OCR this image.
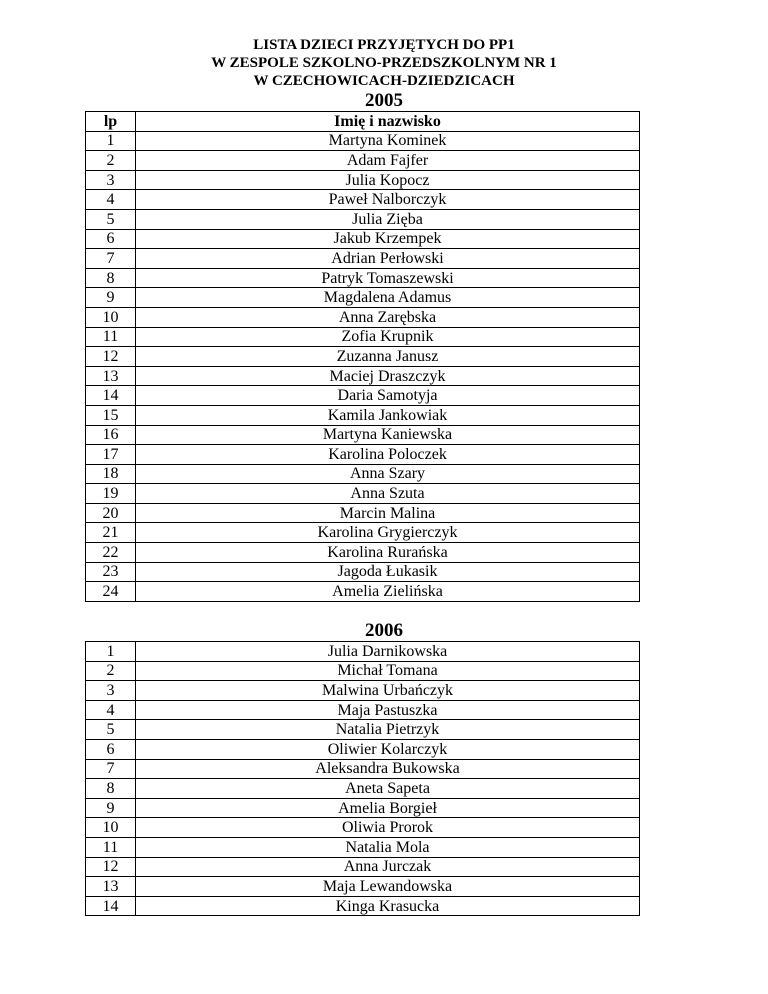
LISTA DZIECI PRZYJĘTYCH DO PP1
W ZESPOLE SZKOLNO-PRZEDSZKOLNYM NR 1
W CZECHOWICACH-DZIEDZICACH
2005
lp	Imię i nazwisko
1	Martyna Kominek
2	Adam Fajfer
3	Julia Kopocz
4	Paweł Nalborczyk
5	Julia Zięba
6	Jakub Krzempek
7	Adrian Perłowski
8	Patryk Tomaszewski
9	Magdalena Adamus
10	Anna Zarębska
11	Zofia Krupnik
12	Zuzanna Janusz
13	Maciej Draszczyk
14	Daria Samotyja
15	Kamila Jankowiak
16	Martyna Kaniewska
17	Karolina Poloczek
18	Anna Szary
19	Anna Szuta
20	Marcin Malina
21	Karolina Grygierczyk
22	Karolina Rurańska
23	Jagoda Łukasik
24	Amelia Zielińska
2006
1	Julia Darnikowska
2	Michał Tomana
3	Malwina Urbańczyk
4	Maja Pastuszka
5	Natalia Pietrzyk
6	Oliwier Kolarczyk
7	Aleksandra Bukowska
8	Aneta Sapeta
9	Amelia Borgieł
10	Oliwia Prorok
11	Natalia Mola
12	Anna Jurczak
13	Maja Lewandowska
14	Kinga Krasucka
